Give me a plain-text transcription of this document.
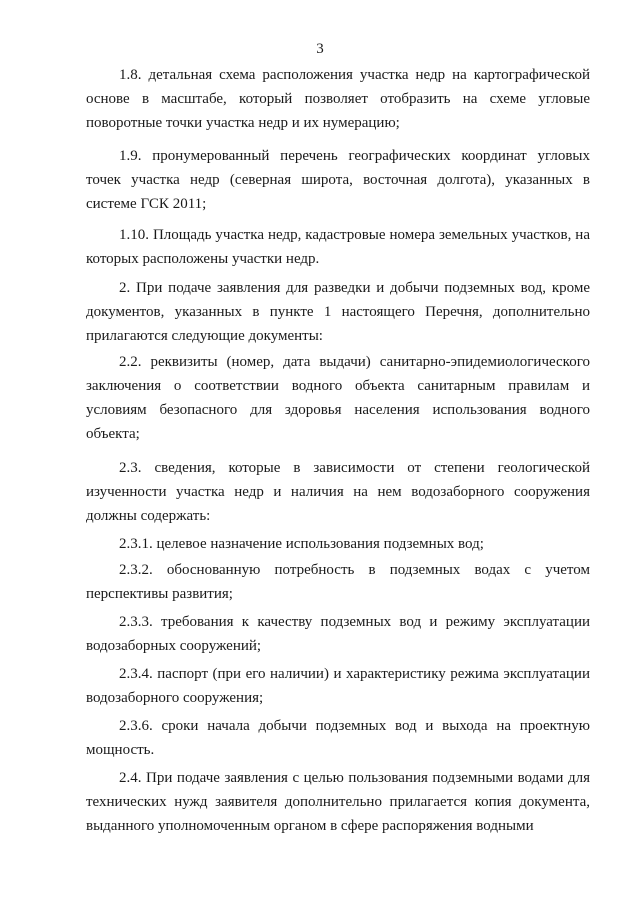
3

1.8. детальная схема расположения участка недр на картографической основе в масштабе, который позволяет отобразить на схеме угловые поворотные точки участка недр и их нумерацию;

1.9. пронумерованный перечень географических координат угловых точек участка недр (северная широта, восточная долгота), указанных в системе ГСК 2011;

1.10. Площадь участка недр, кадастровые номера земельных участков, на которых расположены участки недр.

2. При подаче заявления для разведки и добычи подземных вод, кроме документов, указанных в пункте 1 настоящего Перечня, дополнительно прилагаются следующие документы:

2.2. реквизиты (номер, дата выдачи) санитарно-эпидемиологического заключения о соответствии водного объекта санитарным правилам и условиям безопасного для здоровья населения использования водного объекта;

2.3. сведения, которые в зависимости от степени геологической изученности участка недр и наличия на нем водозаборного сооружения должны содержать:

2.3.1. целевое назначение использования подземных вод;

2.3.2. обоснованную потребность в подземных водах с учетом перспективы развития;

2.3.3. требования к качеству подземных вод и режиму эксплуатации водозаборных сооружений;

2.3.4. паспорт (при его наличии) и характеристику режима эксплуатации водозаборного сооружения;

2.3.6. сроки начала добычи подземных вод и выхода на проектную мощность.

2.4. При подаче заявления с целью пользования подземными водами для технических нужд заявителя дополнительно прилагается копия документа, выданного уполномоченным органом в сфере распоряжения водными
